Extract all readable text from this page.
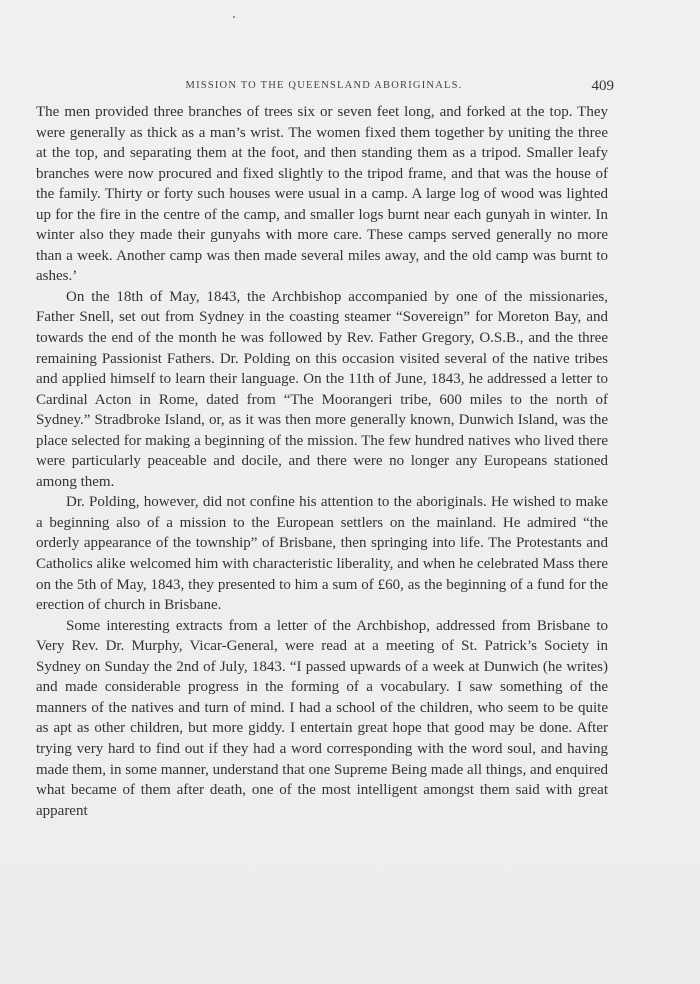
MISSION TO THE QUEENSLAND ABORIGINALS.	409

The men provided three branches of trees six or seven feet long, and forked at the top. They were generally as thick as a man’s wrist. The women fixed them together by uniting the three at the top, and separating them at the foot, and then standing them as a tripod. Smaller leafy branches were now procured and fixed slightly to the tripod frame, and that was the house of the family. Thirty or forty such houses were usual in a camp. A large log of wood was lighted up for the fire in the centre of the camp, and smaller logs burnt near each gunyah in winter. In winter also they made their gunyahs with more care. These camps served generally no more than a week. Another camp was then made several miles away, and the old camp was burnt to ashes.’

On the 18th of May, 1843, the Archbishop accompanied by one of the missionaries, Father Snell, set out from Sydney in the coasting steamer “Sovereign” for Moreton Bay, and towards the end of the month he was followed by Rev. Father Gregory, O.S.B., and the three remaining Passionist Fathers. Dr. Polding on this occasion visited several of the native tribes and applied himself to learn their language. On the 11th of June, 1843, he addressed a letter to Cardinal Acton in Rome, dated from “The Moorangeri tribe, 600 miles to the north of Sydney.” Stradbroke Island, or, as it was then more generally known, Dunwich Island, was the place selected for making a beginning of the mission. The few hundred natives who lived there were particularly peaceable and docile, and there were no longer any Europeans stationed among them.

Dr. Polding, however, did not confine his attention to the aboriginals. He wished to make a beginning also of a mission to the European settlers on the mainland. He admired “the orderly appearance of the township” of Brisbane, then springing into life. The Protestants and Catholics alike welcomed him with characteristic liberality, and when he celebrated Mass there on the 5th of May, 1843, they presented to him a sum of £60, as the beginning of a fund for the erection of church in Brisbane.

Some interesting extracts from a letter of the Archbishop, addressed from Brisbane to Very Rev. Dr. Murphy, Vicar-General, were read at a meeting of St. Patrick’s Society in Sydney on Sunday the 2nd of July, 1843. “I passed upwards of a week at Dunwich (he writes) and made considerable progress in the forming of a vocabulary. I saw something of the manners of the natives and turn of mind. I had a school of the children, who seem to be quite as apt as other children, but more giddy. I entertain great hope that good may be done. After trying very hard to find out if they had a word corresponding with the word soul, and having made them, in some manner, understand that one Supreme Being made all things, and enquired what became of them after death, one of the most intelligent amongst them said with great apparent
